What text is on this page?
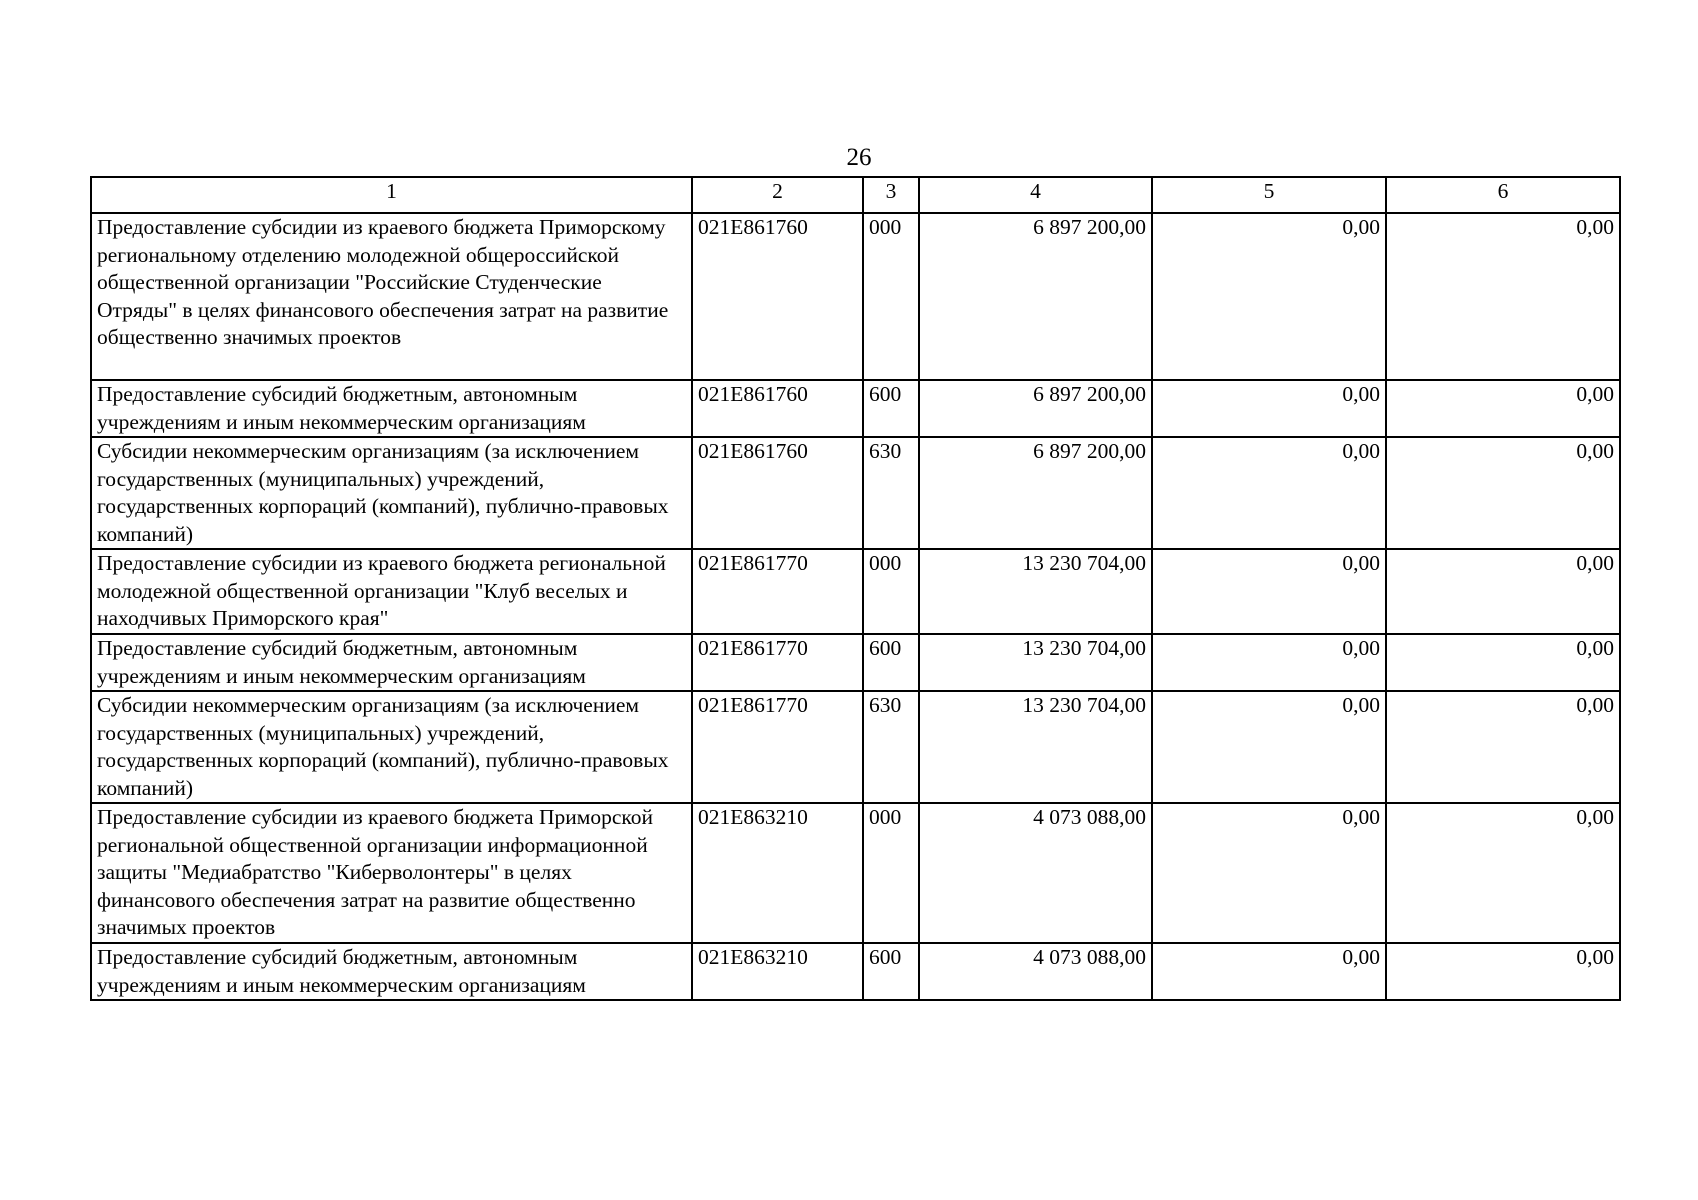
26
1	2	3	4	5	6
Предоставление субсидии из краевого бюджета Приморскому региональному отделению молодежной общероссийской общественной организации "Российские Студенческие Отряды" в целях финансового обеспечения затрат на развитие общественно значимых проектов	021E861760	000	6 897 200,00	0,00	0,00
Предоставление субсидий бюджетным, автономным учреждениям и иным некоммерческим организациям	021E861760	600	6 897 200,00	0,00	0,00
Субсидии некоммерческим организациям (за исключением государственных (муниципальных) учреждений, государственных корпораций (компаний), публично-правовых компаний)	021E861760	630	6 897 200,00	0,00	0,00
Предоставление субсидии из краевого бюджета региональной молодежной общественной организации "Клуб веселых и находчивых Приморского края"	021E861770	000	13 230 704,00	0,00	0,00
Предоставление субсидий бюджетным, автономным учреждениям и иным некоммерческим организациям	021E861770	600	13 230 704,00	0,00	0,00
Субсидии некоммерческим организациям (за исключением государственных (муниципальных) учреждений, государственных корпораций (компаний), публично-правовых компаний)	021E861770	630	13 230 704,00	0,00	0,00
Предоставление субсидии из краевого бюджета Приморской региональной общественной организации информационной защиты "Медиабратство "Киберволонтеры" в целях финансового обеспечения затрат на развитие общественно значимых проектов	021E863210	000	4 073 088,00	0,00	0,00
Предоставление субсидий бюджетным, автономным учреждениям и иным некоммерческим организациям	021E863210	600	4 073 088,00	0,00	0,00
